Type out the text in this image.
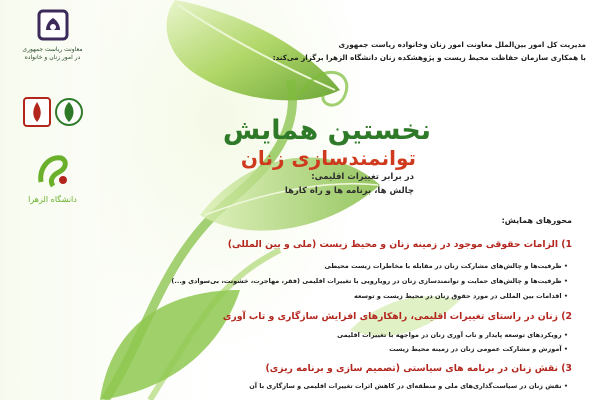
معاونت ریاست جمهوری
در امور زنان و خانواده
دانشگاه الزهرا
مدیریت کل امور بین‌الملل معاونت امور زنان وخانواده ریاست جمهوری
با همکاری سازمان حفاظت محیط زیست و پژوهشکده زنان دانشگاه الزهرا برگزار می‌کند:
نخستین همایش
توانمندسازی زنان
در برابر تغییرات اقلیمی:
چالش ها، برنامه ها و راه کارها
محورهای همایش:
1) الزامات حقوقی موجود در زمینه زنان و محیط زیست (ملی و بین المللی)
• ظرفیت‌ها و چالش‌های مشارکت زنان در مقابله با مخاطرات زیست محیطی
• ظرفیت‌ها و چالش‌های حمایت و توانمندسازی زنان در رویارویی با تغییرات اقلیمی (فقر، مهاجرت، خشونت، بی‌سوادی و...)
• اقدامات بین المللی در مورد حقوق زنان در محیط زیست و توسعه
2) زنان در راستای تغییرات اقلیمی، راهکارهای افزایش سازگاری و تاب آوری
• رویکردهای توسعه پایدار و تاب آوری زنان در مواجهه با تغییرات اقلیمی
• آموزش و مشارکت عمومی زنان در زمینه محیط زیست
3) نقش زنان در برنامه های سیاستی (تصمیم سازی و برنامه ریزی)
• نقش زنان در سیاست‌گذاری‌های ملی و منطقه‌ای در کاهش اثرات تغییرات اقلیمی و سازگاری با آن
